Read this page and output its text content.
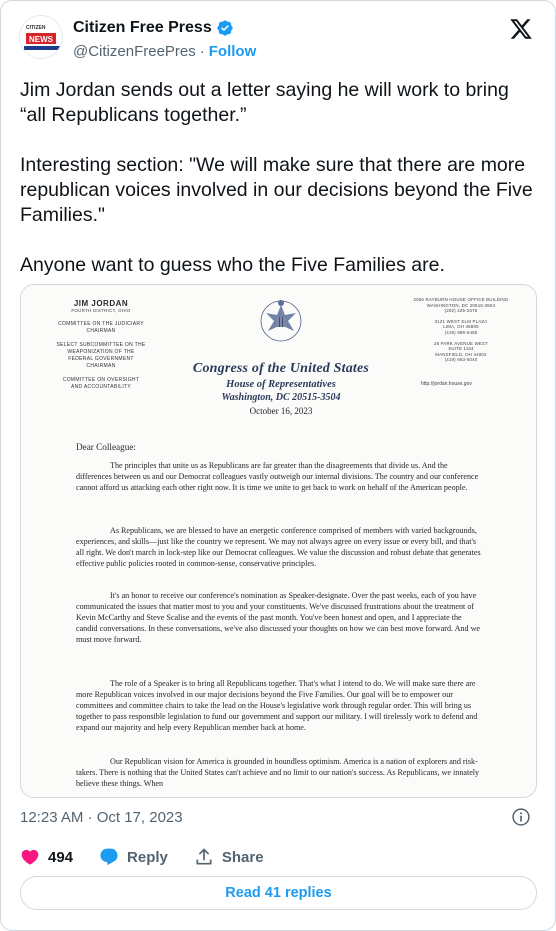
CITIZEN
NEWS
Citizen Free Press
@CitizenFreePres · Follow

Jim Jordan sends out a letter saying he will work to bring “all Republicans together.”

Interesting section: "We will make sure that there are more republican voices involved in our decisions beyond the Five Families."

Anyone want to guess who the Five Families are.

JIM JORDAN
FOURTH DISTRICT, OHIO
COMMITTEE ON THE JUDICIARY
CHAIRMAN
SELECT SUBCOMMITTEE ON THE
WEAPONIZATION OF THE
FEDERAL GOVERNMENT
CHAIRMAN
COMMITTEE ON OVERSIGHT
AND ACCOUNTABILITY
Congress of the United States
House of Representatives
Washington, DC 20515-3504
October 16, 2023
2056 RAYBURN HOUSE OFFICE BUILDING
WASHINGTON, DC 20515-3504
(202) 225-2676
3121 WEST ELM PLAZA
LIMA, OH 45805
(419) 999-6455
28 PARK AVENUE WEST
SUITE 1104
MANSFIELD, OH 44902
(419) 663-6040
http://jordan.house.gov
Dear Colleague:
The principles that unite us as Republicans are far greater than the disagreements that divide us. And the differences between us and our Democrat colleagues vastly outweigh our internal divisions. The country and our conference cannot afford us attacking each other right now. It is time we unite to get back to work on behalf of the American people.
As Republicans, we are blessed to have an energetic conference comprised of members with varied backgrounds, experiences, and skills—just like the country we represent. We may not always agree on every issue or every bill, and that's all right. We don't march in lock-step like our Democrat colleagues. We value the discussion and robust debate that generates effective public policies rooted in common-sense, conservative principles.
It's an honor to receive our conference's nomination as Speaker-designate. Over the past weeks, each of you have communicated the issues that matter most to you and your constituents. We've discussed frustrations about the treatment of Kevin McCarthy and Steve Scalise and the events of the past month. You've been honest and open, and I appreciate the candid conversations. In these conversations, we've also discussed your thoughts on how we can best move forward. And we must move forward.
The role of a Speaker is to bring all Republicans together. That's what I intend to do. We will make sure there are more Republican voices involved in our major decisions beyond the Five Families. Our goal will be to empower our committees and committee chairs to take the lead on the House's legislative work through regular order. This will bring us together to pass responsible legislation to fund our government and support our military. I will tirelessly work to defend and expand our majority and help every Republican member back at home.
Our Republican vision for America is grounded in boundless optimism. America is a nation of explorers and risk-takers. There is nothing that the United States can't achieve and no limit to our nation's success. As Republicans, we innately believe these things. When
12:23 AM · Oct 17, 2023
494	Reply	Share
Read 41 replies
